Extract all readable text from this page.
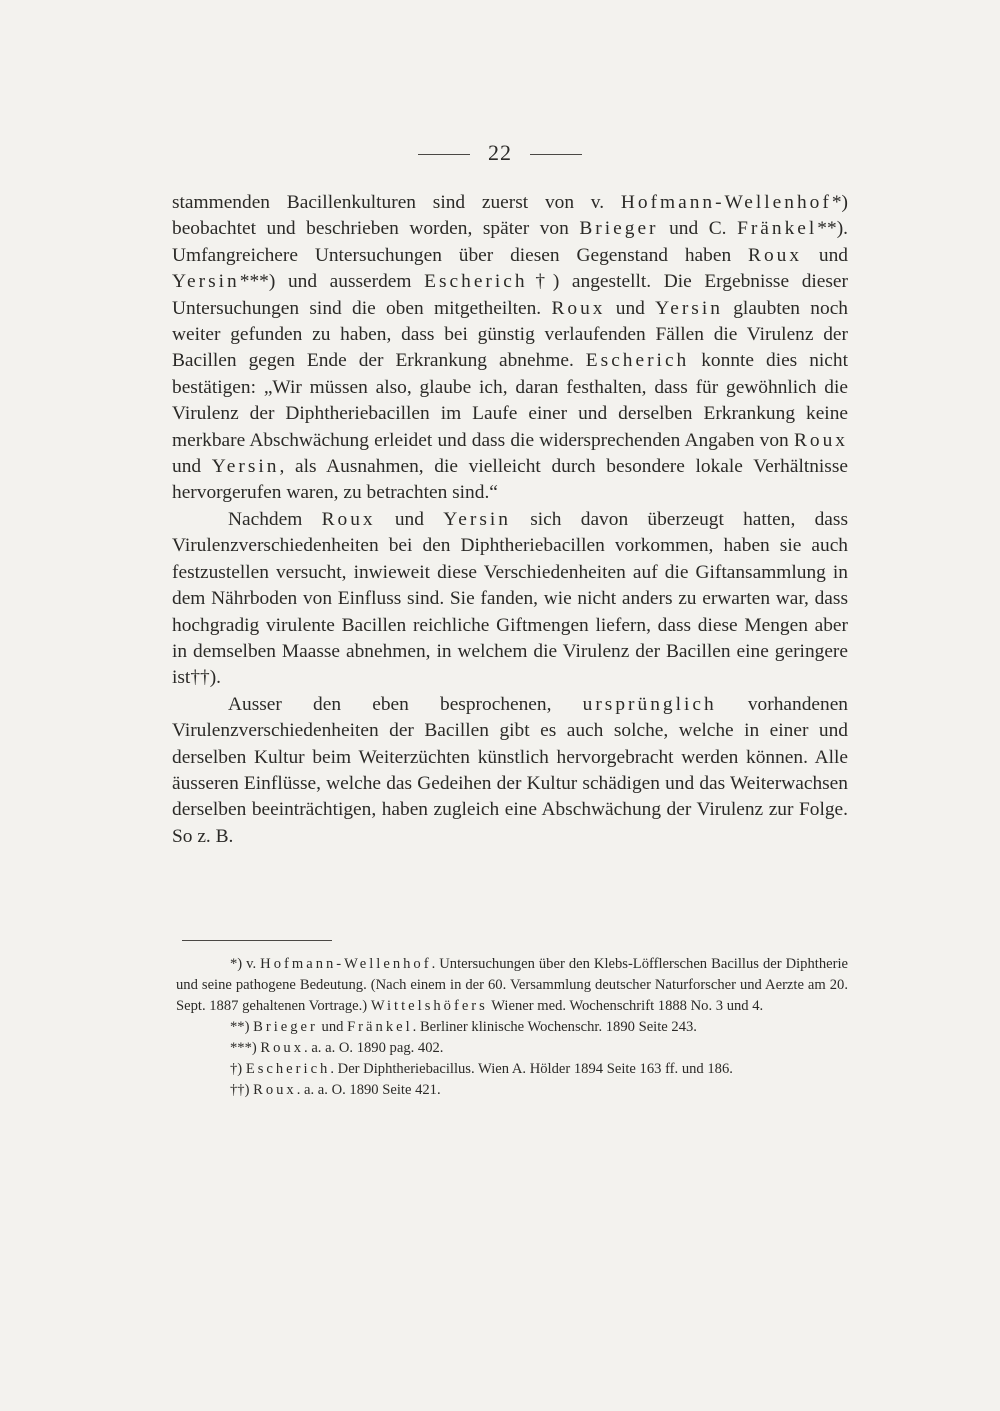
22

stammenden Bacillenkulturen sind zuerst von v. Hofmann-Wellenhof*) beobachtet und beschrieben worden, später von Brieger und C. Fränkel**). Umfangreichere Untersuchungen über diesen Gegenstand haben Roux und Yersin***) und ausserdem Escherich†) angestellt. Die Ergebnisse dieser Untersuchungen sind die oben mitgetheilten. Roux und Yersin glaubten noch weiter gefunden zu haben, dass bei günstig verlaufenden Fällen die Virulenz der Bacillen gegen Ende der Erkrankung abnehme. Escherich konnte dies nicht bestätigen: „Wir müssen also, glaube ich, daran festhalten, dass für gewöhnlich die Virulenz der Diphtheriebacillen im Laufe einer und derselben Erkrankung keine merkbare Abschwächung erleidet und dass die widersprechenden Angaben von Roux und Yersin, als Ausnahmen, die vielleicht durch besondere lokale Verhältnisse hervorgerufen waren, zu betrachten sind.“

Nachdem Roux und Yersin sich davon überzeugt hatten, dass Virulenzverschiedenheiten bei den Diphtheriebacillen vorkommen, haben sie auch festzustellen versucht, inwieweit diese Verschiedenheiten auf die Giftansammlung in dem Nährboden von Einfluss sind. Sie fanden, wie nicht anders zu erwarten war, dass hochgradig virulente Bacillen reichliche Giftmengen liefern, dass diese Mengen aber in demselben Maasse abnehmen, in welchem die Virulenz der Bacillen eine geringere ist††).

Ausser den eben besprochenen, ursprünglich vorhandenen Virulenzverschiedenheiten der Bacillen gibt es auch solche, welche in einer und derselben Kultur beim Weiterzüchten künstlich hervorgebracht werden können. Alle äusseren Einflüsse, welche das Gedeihen der Kultur schädigen und das Weiterwachsen derselben beeinträchtigen, haben zugleich eine Abschwächung der Virulenz zur Folge. So z. B.

*) v. Hofmann-Wellenhof. Untersuchungen über den Klebs-Löfflerschen Bacillus der Diphtherie und seine pathogene Bedeutung. (Nach einem in der 60. Versammlung deutscher Naturforscher und Aerzte am 20. Sept. 1887 gehaltenen Vortrage.) Wittelshöfers Wiener med. Wochenschrift 1888 No. 3 und 4.

**) Brieger und Fränkel. Berliner klinische Wochenschr. 1890 Seite 243.

***) Roux. a. a. O. 1890 pag. 402.

†) Escherich. Der Diphtheriebacillus. Wien A. Hölder 1894 Seite 163 ff. und 186.

††) Roux. a. a. O. 1890 Seite 421.
